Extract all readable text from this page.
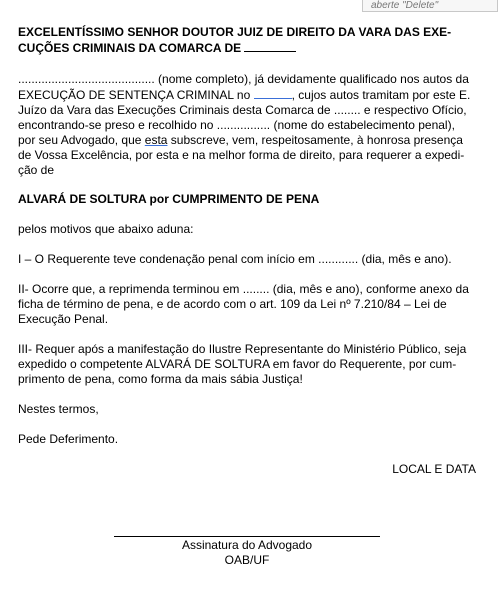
aberte "Delete"
EXCELENTÍSSIMO SENHOR DOUTOR JUIZ DE DIREITO DA VARA DAS EXE-
CUÇÕES CRIMINAIS DA COMARCA DE
......................................... (nome completo), já devidamente qualificado nos autos da
EXECUÇÃO DE SENTENÇA CRIMINAL no	, cujos autos tramitam por este E.
Juízo da Vara das Execuções Criminais desta Comarca de ........ e respectivo Ofício,
encontrando-se preso e recolhido no ................ (nome do estabelecimento penal),
por seu Advogado, que esta subscreve, vem, respeitosamente, à honrosa presença
de Vossa Excelência, por esta e na melhor forma de direito, para requerer a expedi-
ção de
ALVARÁ DE SOLTURA por CUMPRIMENTO DE PENA
pelos motivos que abaixo aduna:
I – O Requerente teve condenação penal com início em ............ (dia, mês e ano).
II- Ocorre que, a reprimenda terminou em ........ (dia, mês e ano), conforme anexo da
ficha de término de pena, e de acordo com o art. 109 da Lei nº 7.210/84 – Lei de
Execução Penal.
III- Requer após a manifestação do Ilustre Representante do Ministério Público, seja
expedido o competente ALVARÁ DE SOLTURA em favor do Requerente, por cum-
primento de pena, como forma da mais sábia Justiça!
Nestes termos,
Pede Deferimento.
LOCAL E DATA
Assinatura do Advogado
OAB/UF
